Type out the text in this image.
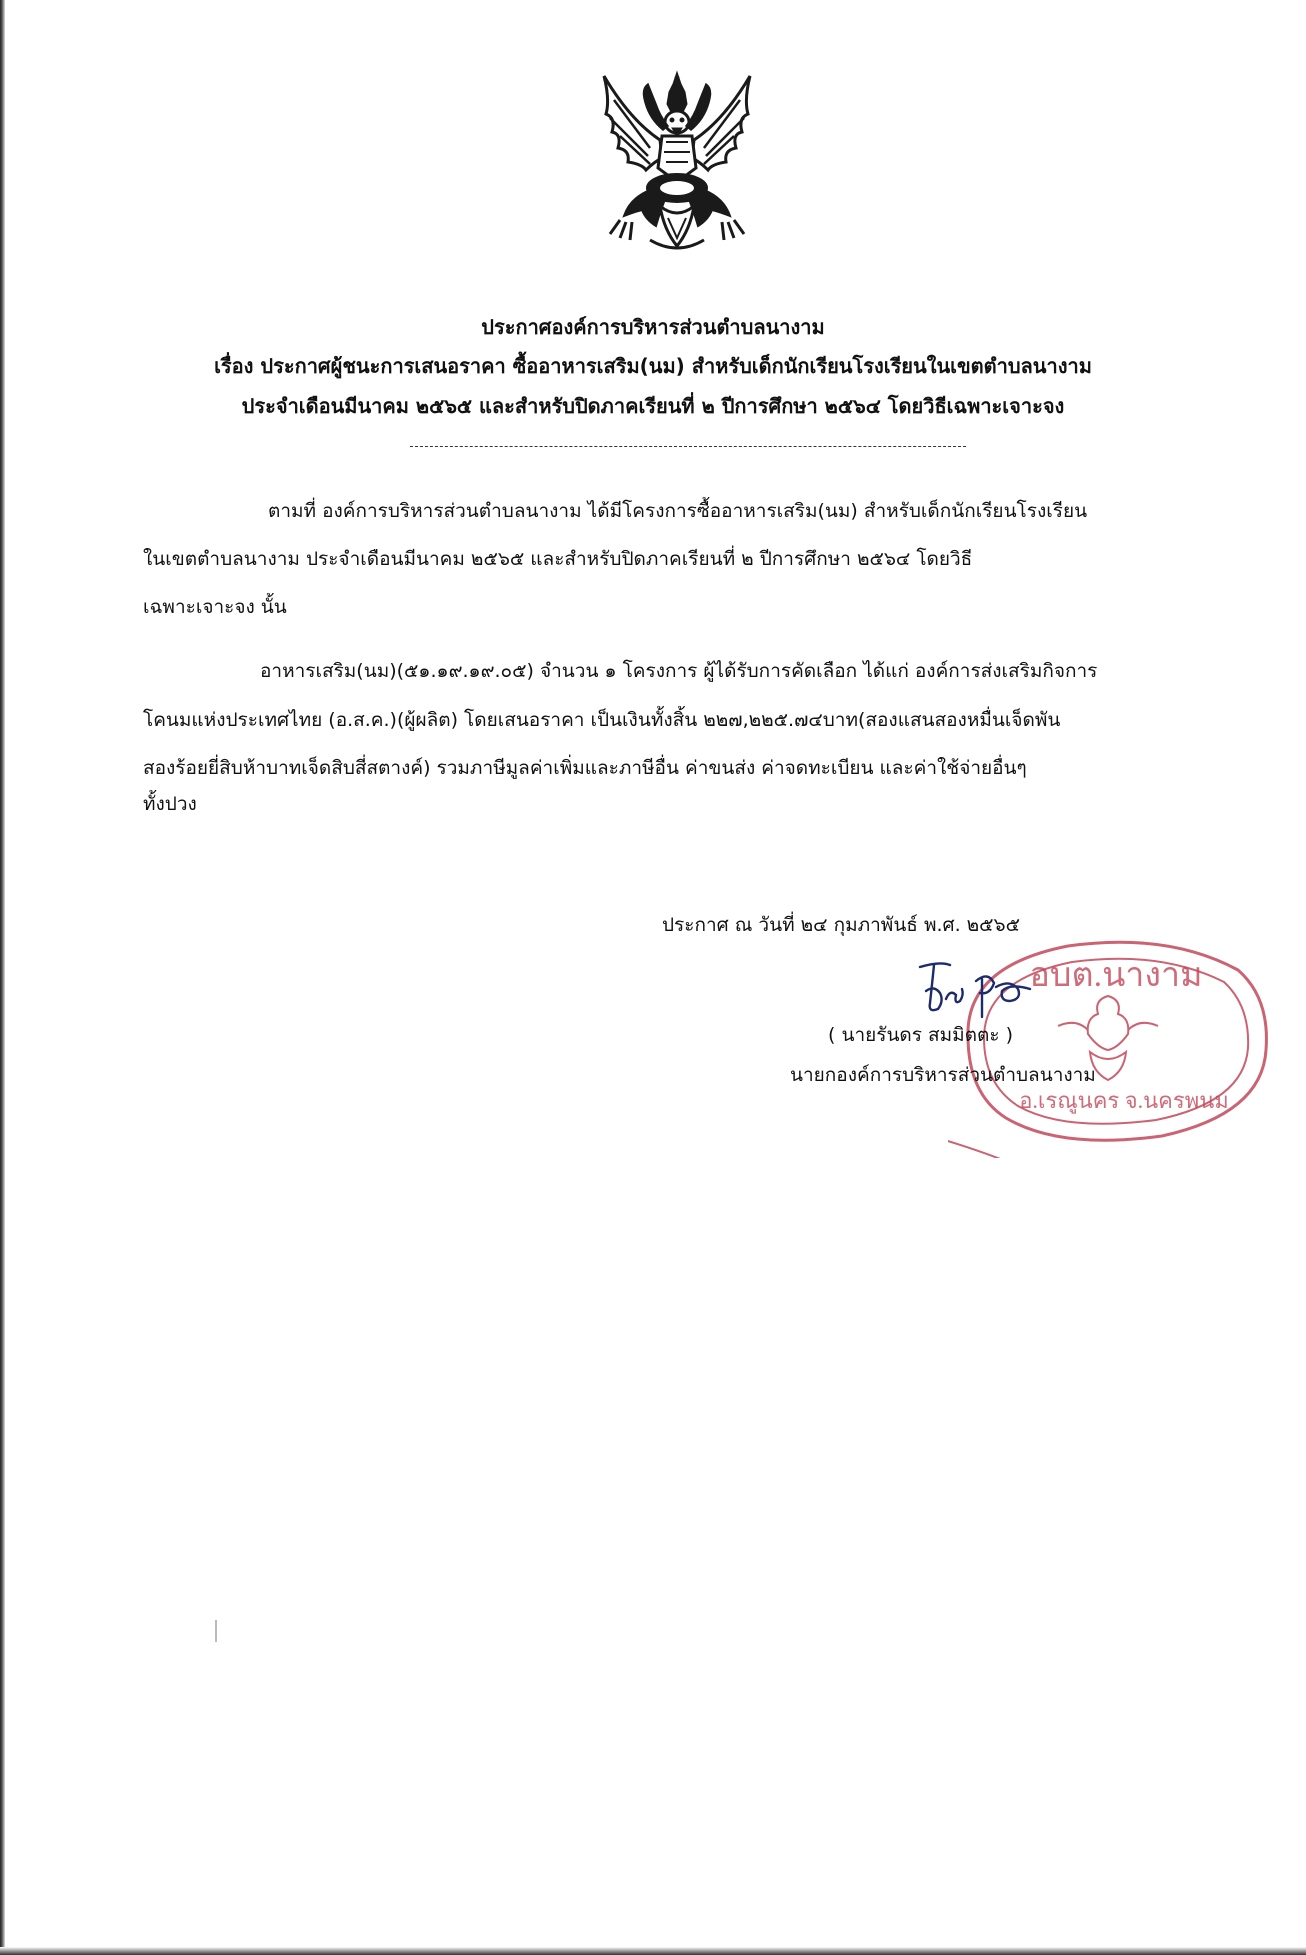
ประกาศองค์การบริหารส่วนตำบลนางาม
เรื่อง ประกาศผู้ชนะการเสนอราคา ซื้ออาหารเสริม(นม) สำหรับเด็กนักเรียนโรงเรียนในเขตตำบลนางาม
ประจำเดือนมีนาคม ๒๕๖๕ และสำหรับปิดภาคเรียนที่ ๒ ปีการศึกษา ๒๕๖๔ โดยวิธีเฉพาะเจาะจง
ตามที่ องค์การบริหารส่วนตำบลนางาม ได้มีโครงการซื้ออาหารเสริม(นม) สำหรับเด็กนักเรียนโรงเรียน
ในเขตตำบลนางาม ประจำเดือนมีนาคม ๒๕๖๕ และสำหรับปิดภาคเรียนที่ ๒ ปีการศึกษา ๒๕๖๔ โดยวิธี
เฉพาะเจาะจง นั้น
อาหารเสริม(นม)(๕๑.๑๙.๑๙.๐๕) จำนวน ๑ โครงการ ผู้ได้รับการคัดเลือก ได้แก่ องค์การส่งเสริมกิจการ
โคนมแห่งประเทศไทย (อ.ส.ค.)(ผู้ผลิต) โดยเสนอราคา เป็นเงินทั้งสิ้น ๒๒๗,๒๒๕.๗๔บาท(สองแสนสองหมื่นเจ็ดพัน
สองร้อยยี่สิบห้าบาทเจ็ดสิบสี่สตางค์) รวมภาษีมูลค่าเพิ่มและภาษีอื่น ค่าขนส่ง ค่าจดทะเบียน และค่าใช้จ่ายอื่นๆ
ทั้งปวง
อบต.นางาม
อ.เรณูนคร จ.นครพนม
ประกาศ ณ วันที่ ๒๔ กุมภาพันธ์ พ.ศ. ๒๕๖๕
( นายรันดร สมมิตตะ )
นายกองค์การบริหารส่วนตำบลนางาม
